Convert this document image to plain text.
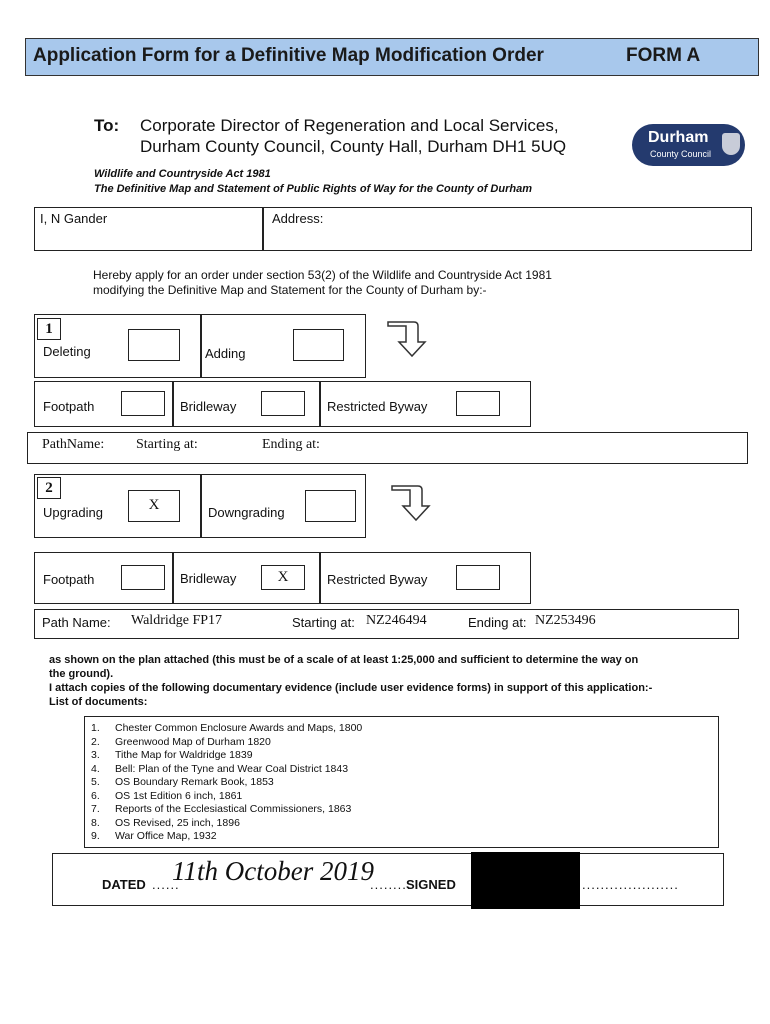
Application Form for a Definitive Map Modification Order	FORM A
To: Corporate Director of Regeneration and Local Services,
Durham County Council, County Hall, Durham DH1 5UQ	Durham
County Council
Wildlife and Countryside Act 1981
The Definitive Map and Statement of Public Rights of Way for the County of Durham
I, N Gander	Address:
Hereby apply for an order under section 53(2) of the Wildlife and Countryside Act 1981
modifying the Definitive Map and Statement for the County of Durham by:-
1
Deleting	Adding
Footpath	Bridleway	Restricted Byway
PathName: Starting at:	Ending at:
2
Upgrading	X	Downgrading
Footpath	Bridleway	X	Restricted Byway
Path Name: Waldridge FP17	Starting at: NZ246494	Ending at: NZ253496
as shown on the plan attached (this must be of a scale of at least 1:25,000 and sufficient to determine the way on
the ground).
I attach copies of the following documentary evidence (include user evidence forms) in support of this application:-
List of documents:
1. Chester Common Enclosure Awards and Maps, 1800
2. Greenwood Map of Durham 1820
3. Tithe Map for Waldridge 1839
4. Bell: Plan of the Tyne and Wear Coal District 1843
5. OS Boundary Remark Book, 1853
6. OS 1st Edition 6 inch, 1861
7. Reports of the Ecclesiastical Commissioners, 1863
8. OS Revised, 25 inch, 1896
9. War Office Map, 1932
DATED ......
11th October 2019
.........
SIGNED	.....................
